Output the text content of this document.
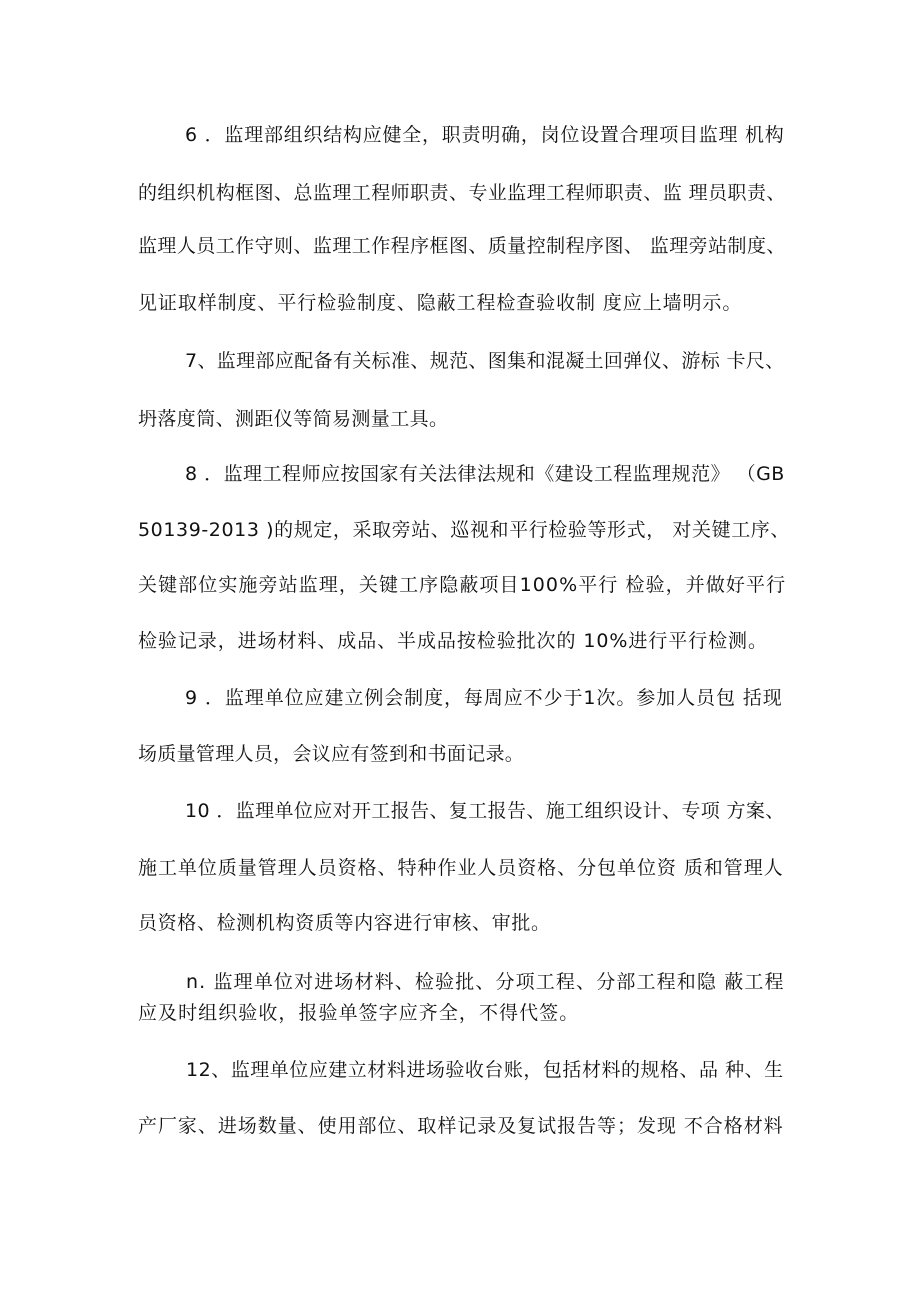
6 ．监理部组织结构应健全，职责明确，岗位设置合理项目监理 机构
的组织机构框图、总监理工程师职责、专业监理工程师职责、监 理员职责、
监理人员工作守则、监理工作程序框图、质量控制程序图、 监理旁站制度、
见证取样制度、平行检验制度、隐蔽工程检查验收制 度应上墙明示。
7、监理部应配备有关标准、规范、图集和混凝土回弹仪、游标 卡尺、
坍落度筒、测距仪等简易测量工具。
8 ．监理工程师应按国家有关法律法规和《建设工程监理规范》 （GB
50139-2013 )的规定，采取旁站、巡视和平行检验等形式， 对关键工序、
关键部位实施旁站监理，关键工序隐蔽项目100%平行 检验，并做好平行
检验记录，进场材料、成品、半成品按检验批次的 10%进行平行检测。
9 ．监理单位应建立例会制度，每周应不少于1次。参加人员包 括现
场质量管理人员，会议应有签到和书面记录。
10 ．监理单位应对开工报告、复工报告、施工组织设计、专项 方案、
施工单位质量管理人员资格、特种作业人员资格、分包单位资 质和管理人
员资格、检测机构资质等内容进行审核、审批。
n. 监理单位对进场材料、检验批、分项工程、分部工程和隐 蔽工程
应及时组织验收，报验单签字应齐全，不得代签。
12、监理单位应建立材料进场验收台账，包括材料的规格、品 种、生
产厂家、进场数量、使用部位、取样记录及复试报告等；发现 不合格材料
